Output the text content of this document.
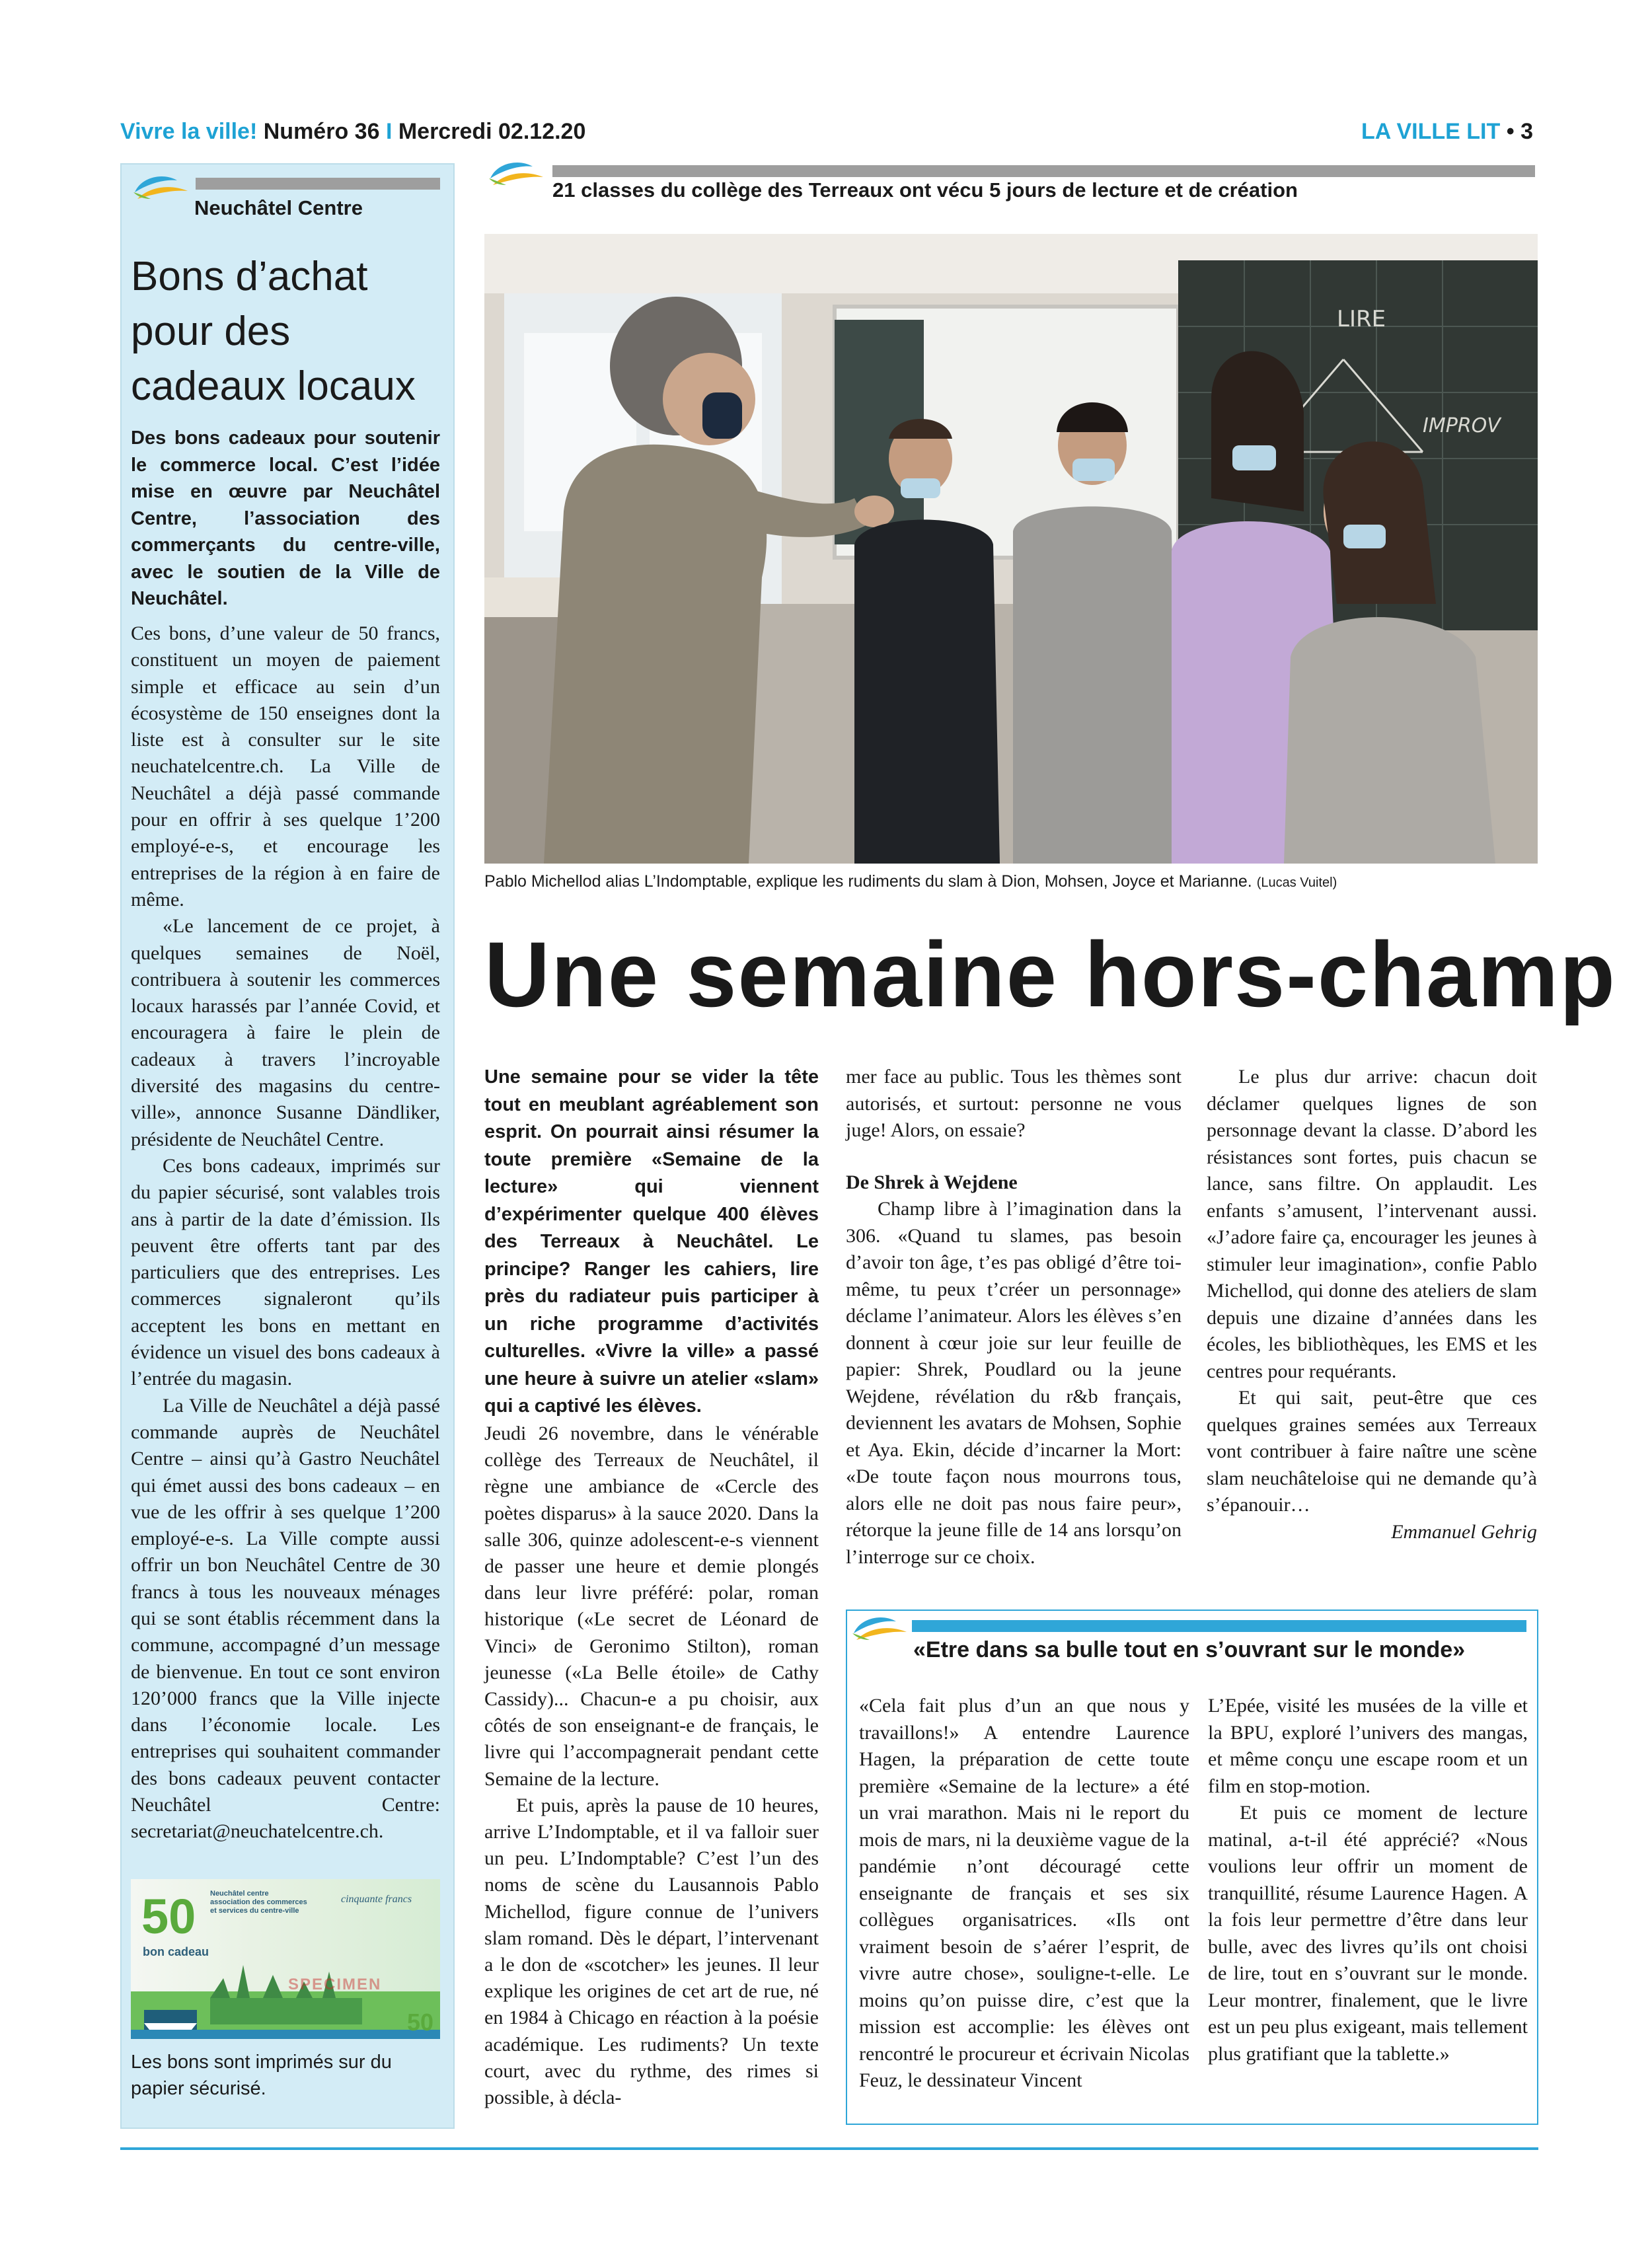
Vivre la ville! Numéro 36 I Mercredi 02.12.20	LA VILLE LIT • 3
Neuchâtel Centre
Bons d’achat pour des cadeaux locaux
Des bons cadeaux pour soutenir le commerce local. C’est l’idée mise en œuvre par Neuchâtel Centre, l’association des commerçants du centre-ville, avec le soutien de la Ville de Neuchâtel.

Ces bons, d’une valeur de 50 francs, constituent un moyen de paiement simple et efficace au sein d’un écosystème de 150 enseignes dont la liste est à consulter sur le site neuchatelcentre.ch. La Ville de Neuchâtel a déjà passé commande pour en offrir à ses quelque 1’200 employé-e-s, et encourage les entreprises de la région à en faire de même.

«Le lancement de ce projet, à quelques semaines de Noël, contribuera à soutenir les commerces locaux harassés par l’année Covid, et encouragera à faire le plein de cadeaux à travers l’incroyable diversité des magasins du centre-ville», annonce Susanne Dändliker, présidente de Neuchâtel Centre.

Ces bons cadeaux, imprimés sur du papier sécurisé, sont valables trois ans à partir de la date d’émission. Ils peuvent être offerts tant par des particuliers que des entreprises. Les commerces signaleront qu’ils acceptent les bons en mettant en évidence un visuel des bons cadeaux à l’entrée du magasin.

La Ville de Neuchâtel a déjà passé commande auprès de Neuchâtel Centre – ainsi qu’à Gastro Neuchâtel qui émet aussi des bons cadeaux – en vue de les offrir à ses quelque 1’200 employé-e-s. La Ville compte aussi offrir un bon Neuchâtel Centre de 30 francs à tous les nouveaux ménages qui se sont établis récemment dans la commune, accompagné d’un message de bienvenue. En tout ce sont environ 120’000 francs que la Ville injecte dans l’économie locale. Les entreprises qui souhaitent commander des bons cadeaux peuvent contacter Neuchâtel Centre: secretariat@neuchatelcentre.ch.

50 Neuchâtel centre
association des commerces
et services du centre-ville
cinquante francs
bon cadeau
SPECIMEN
50
Les bons sont imprimés sur du papier sécurisé.
21 classes du collège des Terreaux ont vécu 5 jours de lecture et de création
LIRE
IMPROV
Pablo Michellod alias L’Indomptable, explique les rudiments du slam à Dion, Mohsen, Joyce et Marianne. (Lucas Vuitel)
Une semaine hors-champ
Une semaine pour se vider la tête tout en meublant agréablement son esprit. On pourrait ainsi résumer la toute première «Semaine de la lecture» qui viennent d’expérimenter quelque 400 élèves des Terreaux à Neuchâtel. Le principe? Ranger les cahiers, lire près du radiateur puis participer à un riche programme d’activités culturelles. «Vivre la ville» a passé une heure à suivre un atelier «slam» qui a captivé les élèves.

Jeudi 26 novembre, dans le vénérable collège des Terreaux de Neuchâtel, il règne une ambiance de «Cercle des poètes disparus» à la sauce 2020. Dans la salle 306, quinze adolescent-e-s viennent de passer une heure et demie plongés dans leur livre préféré: polar, roman historique («Le secret de Léonard de Vinci» de Geronimo Stilton), roman jeunesse («La Belle étoile» de Cathy Cassidy)... Chacun-e a pu choisir, aux côtés de son enseignant-e de français, le livre qui l’accompagnerait pendant cette Semaine de la lecture.

Et puis, après la pause de 10 heures, arrive L’Indomptable, et il va falloir suer un peu. L’Indomptable? C’est l’un des noms de scène du Lausannois Pablo Michellod, figure connue de l’univers slam romand. Dès le départ, l’intervenant a le don de «scotcher» les jeunes. Il leur explique les origines de cet art de rue, né en 1984 à Chicago en réaction à la poésie académique. Les rudiments? Un texte court, avec du rythme, des rimes si possible, à décla-

mer face au public. Tous les thèmes sont autorisés, et surtout: personne ne vous juge! Alors, on essaie?

De Shrek à Wejdene

Champ libre à l’imagination dans la 306. «Quand tu slames, pas besoin d’avoir ton âge, t’es pas obligé d’être toi-même, tu peux t’créer un personnage» déclame l’animateur. Alors les élèves s’en donnent à cœur joie sur leur feuille de papier: Shrek, Poudlard ou la jeune Wejdene, révélation du r&b français, deviennent les avatars de Mohsen, Sophie et Aya. Ekin, décide d’incarner la Mort: «De toute façon nous mourrons tous, alors elle ne doit pas nous faire peur», rétorque la jeune fille de 14 ans lorsqu’on l’interroge sur ce choix.

Le plus dur arrive: chacun doit déclamer quelques lignes de son personnage devant la classe. D’abord les résistances sont fortes, puis chacun se lance, sans filtre. On applaudit. Les enfants s’amusent, l’intervenant aussi. «J’adore faire ça, encourager les jeunes à stimuler leur imagination», confie Pablo Michellod, qui donne des ateliers de slam depuis une dizaine d’années dans les écoles, les bibliothèques, les EMS et les centres pour requérants.

Et qui sait, peut-être que ces quelques graines semées aux Terreaux vont contribuer à faire naître une scène slam neuchâteloise qui ne demande qu’à s’épanouir…

Emmanuel Gehrig

«Etre dans sa bulle tout en s’ouvrant sur le monde»

«Cela fait plus d’un an que nous y travaillons!» A entendre Laurence Hagen, la préparation de cette toute première «Semaine de la lecture» a été un vrai marathon. Mais ni le report du mois de mars, ni la deuxième vague de la pandémie n’ont découragé cette enseignante de français et ses six collègues organisatrices. «Ils ont vraiment besoin de s’aérer l’esprit, de vivre autre chose», souligne-t-elle. Le moins qu’on puisse dire, c’est que la mission est accomplie: les élèves ont rencontré le procureur et écrivain Nicolas Feuz, le dessinateur Vincent

L’Epée, visité les musées de la ville et la BPU, exploré l’univers des mangas, et même conçu une escape room et un film en stop-motion.

Et puis ce moment de lecture matinal, a-t-il été apprécié? «Nous voulions leur offrir un moment de tranquillité, résume Laurence Hagen. A la fois leur permettre d’être dans leur bulle, avec des livres qu’ils ont choisi de lire, tout en s’ouvrant sur le monde. Leur montrer, finalement, que le livre est un peu plus exigeant, mais tellement plus gratifiant que la tablette.»
